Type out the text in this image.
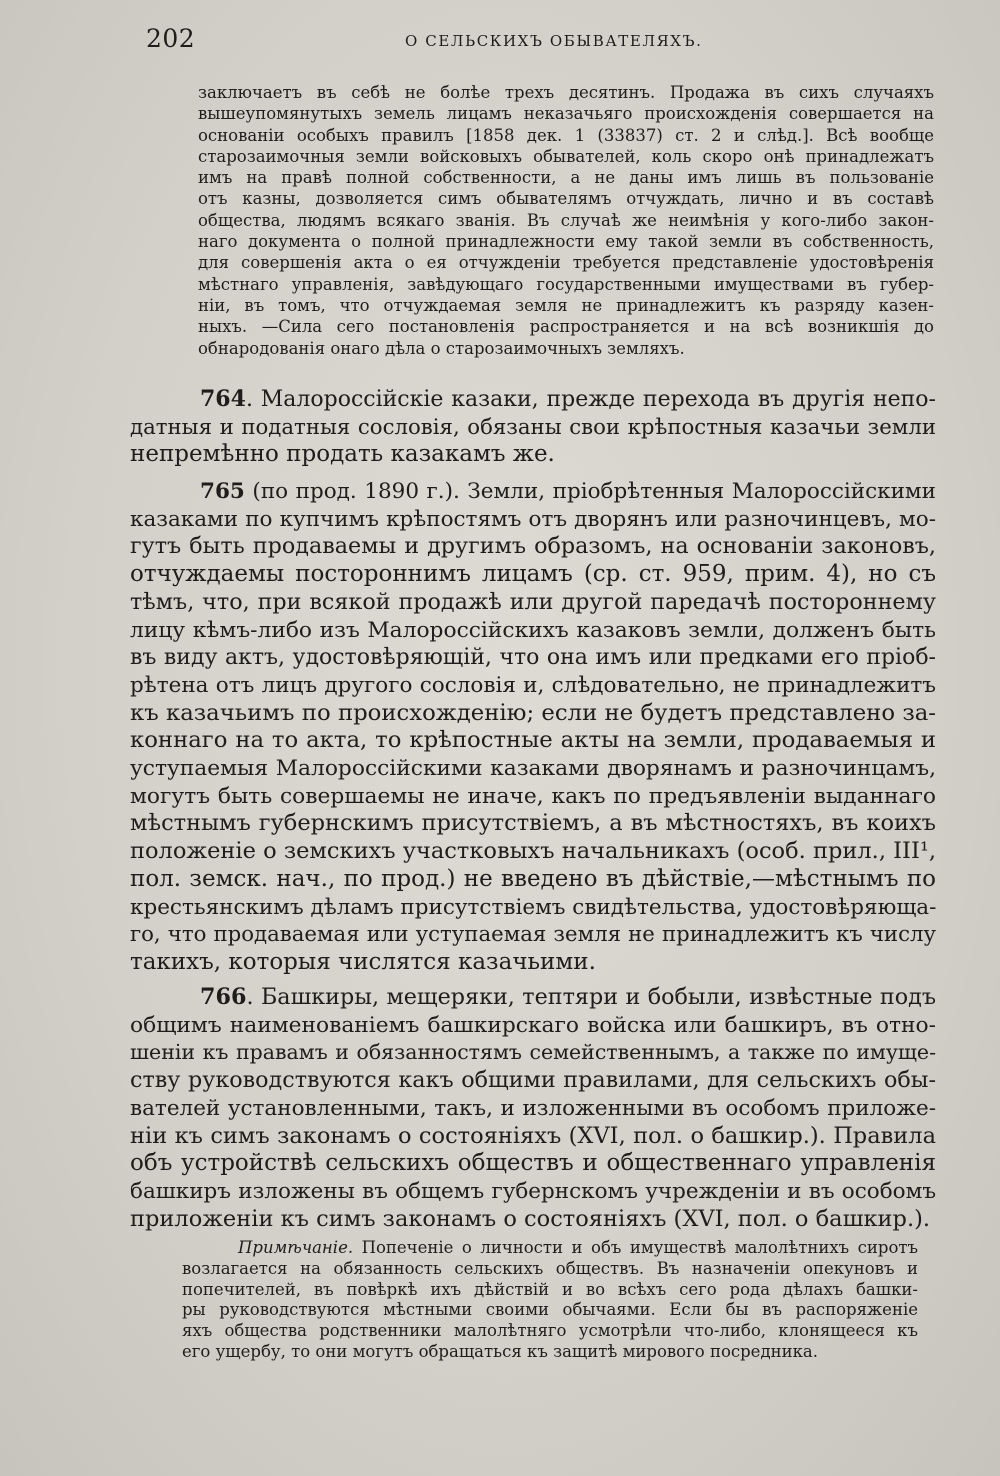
202	О СЕЛЬСКИХЪ ОБЫВАТЕЛЯХЪ.
заключаетъ въ себѣ не болѣе трехъ десятинъ. Продажа въ сихъ случаяхъ
вышеупомянутыхъ земель лицамъ неказачьяго происхожденія совершается на
основаніи особыхъ правилъ [1858 дек. 1 (33837) ст. 2 и слѣд.]. Всѣ вообще
старозаимочныя земли войсковыхъ обывателей, коль скоро онѣ принадлежатъ
имъ на правѣ полной собственности, а не даны имъ лишь въ пользованіе
отъ казны, дозволяется симъ обывателямъ отчуждать, лично и въ составѣ
общества, людямъ всякаго званія. Въ случаѣ же неимѣнія у кого-либо закон-
наго документа о полной принадлежности ему такой земли въ собственность,
для совершенія акта о ея отчужденіи требуется представленіе удостовѣренія
мѣстнаго управленія, завѣдующаго государственными имуществами въ губер-
ніи, въ томъ, что отчуждаемая земля не принадлежитъ къ разряду казен-
ныхъ. —Сила сего постановленія распространяется и на всѣ возникшія до
обнародованія онаго дѣла о старозаимочныхъ земляхъ.
764. Малороссійскіе казаки, прежде перехода въ другія непо-
датныя и податныя сословія, обязаны свои крѣпостныя казачьи земли
непремѣнно продать казакамъ же.
765 (по прод. 1890 г.). Земли, пріобрѣтенныя Малороссійскими
казаками по купчимъ крѣпостямъ отъ дворянъ или разночинцевъ, мо-
гутъ быть продаваемы и другимъ образомъ, на основаніи законовъ,
отчуждаемы постороннимъ лицамъ (ср. ст. 959, прим. 4), но съ
тѣмъ, что, при всякой продажѣ или другой паредачѣ постороннему
лицу кѣмъ-либо изъ Малороссійскихъ казаковъ земли, долженъ быть
въ виду актъ, удостовѣряющій, что она имъ или предками его пріоб-
рѣтена отъ лицъ другого сословія и, слѣдовательно, не принадлежитъ
къ казачьимъ по происхожденію; если не будетъ представлено за-
коннаго на то акта, то крѣпостные акты на земли, продаваемыя и
уступаемыя Малороссійскими казаками дворянамъ и разночинцамъ,
могутъ быть совершаемы не иначе, какъ по предъявленіи выданнаго
мѣстнымъ губернскимъ присутствіемъ, а въ мѣстностяхъ, въ коихъ
положеніе о земскихъ участковыхъ начальникахъ (особ. прил., III¹,
пол. земск. нач., по прод.) не введено въ дѣйствіе,—мѣстнымъ по
крестьянскимъ дѣламъ присутствіемъ свидѣтельства, удостовѣряюща-
го, что продаваемая или уступаемая земля не принадлежитъ къ числу
такихъ, которыя числятся казачьими.
766. Башкиры, мещеряки, тептяри и бобыли, извѣстные подъ
общимъ наименованіемъ башкирскаго войска или башкиръ, въ отно-
шеніи къ правамъ и обязанностямъ семейственнымъ, а также по имуще-
ству руководствуются какъ общими правилами, для сельскихъ обы-
вателей установленными, такъ, и изложенными въ особомъ приложе-
ніи къ симъ законамъ о состояніяхъ (XVI, пол. о башкир.). Правила
объ устройствѣ сельскихъ обществъ и общественнаго управленія
башкиръ изложены въ общемъ губернскомъ учрежденіи и въ особомъ
приложеніи къ симъ законамъ о состояніяхъ (XVI, пол. о башкир.).
Примѣчаніе. Попеченіе о личности и объ имуществѣ малолѣтнихъ сиротъ
возлагается на обязанность сельскихъ обществъ. Въ назначеніи опекуновъ и
попечителей, въ повѣркѣ ихъ дѣйствій и во всѣхъ сего рода дѣлахъ башки-
ры руководствуются мѣстными своими обычаями. Если бы въ распоряженіе
яхъ общества родственники малолѣтняго усмотрѣли что-либо, клонящееся къ
его ущербу, то они могутъ обращаться къ защитѣ мирового посредника.
